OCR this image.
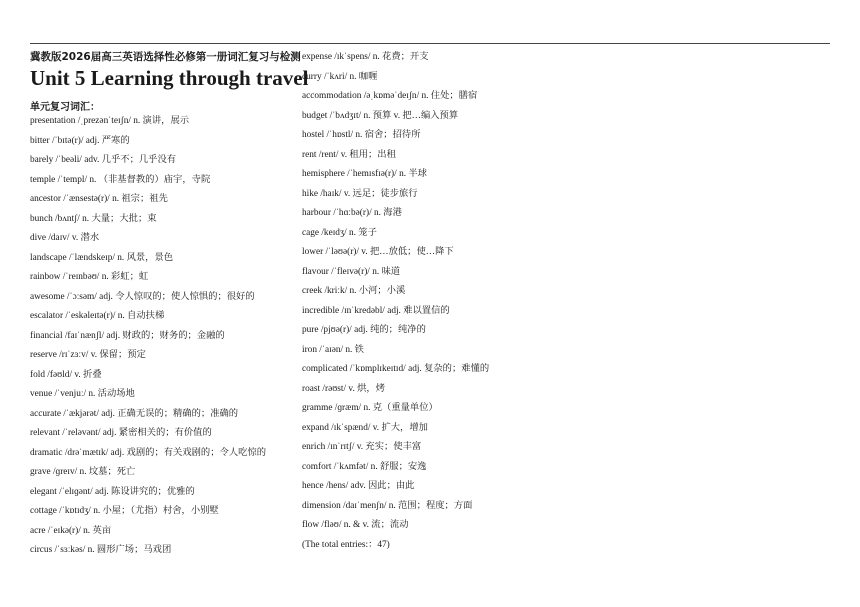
冀教版2026届高三英语选择性必修第一册词汇复习与检测
Unit 5 Learning through travel
单元复习词汇：
presentation /ˌprezənˈteɪʃn/ n. 演讲，展示
bitter /ˈbɪtə(r)/ adj. 严寒的
barely /ˈbeəli/ adv. 几乎不；几乎没有
temple /ˈtempl/ n. （非基督教的）庙宇，寺院
ancestor /ˈænsestə(r)/ n. 祖宗；祖先
bunch /bʌntʃ/ n. 大量；大批；束
dive /daɪv/ v. 潜水
landscape /ˈlændskeɪp/ n. 风景，景色
rainbow /ˈreɪnbəʊ/ n. 彩虹；虹
awesome /ˈɔːsəm/ adj. 令人惊叹的；使人惊惧的；很好的
escalator /ˈeskəleɪtə(r)/ n. 自动扶梯
financial /faɪˈnænʃl/ adj. 财政的；财务的；金融的
reserve /rɪˈzɜːv/ v. 保留；预定
fold /fəʊld/ v. 折叠
venue /ˈvenjuː/ n. 活动场地
accurate /ˈækjərət/ adj. 正确无误的；精确的；准确的
relevant /ˈreləvənt/ adj. 紧密相关的；有价值的
dramatic /drəˈmætɪk/ adj. 戏剧的；有关戏剧的；令人吃惊的
grave /ɡreɪv/ n. 坟墓；死亡
elegant /ˈelɪɡənt/ adj. 陈设讲究的；优雅的
cottage /ˈkɒtɪdʒ/ n. 小屋；（尤指）村舍，小别墅
acre /ˈeɪkə(r)/ n. 英亩
circus /ˈsɜːkəs/ n. 圆形广场；马戏团
expense /ɪkˈspens/ n. 花费；开支
curry /ˈkʌri/ n. 咖喱
accommodation /əˌkɒməˈdeɪʃn/ n. 住处；膳宿
budget /ˈbʌdʒɪt/ n. 预算 v. 把…编入预算
hostel /ˈhɒstl/ n. 宿舍；招待所
rent /rent/ v. 租用；出租
hemisphere /ˈhemɪsfɪə(r)/ n. 半球
hike /haɪk/ v. 远足；徒步旅行
harbour /ˈhɑːbə(r)/ n. 海港
cage /keɪdʒ/ n. 笼子
lower /ˈləʊə(r)/ v. 把…放低；使…降下
flavour /ˈfleɪvə(r)/ n. 味道
creek /kriːk/ n. 小河；小溪
incredible /ɪnˈkredəbl/ adj. 难以置信的
pure /pjʊə(r)/ adj. 纯的；纯净的
iron /ˈaɪən/ n. 铁
complicated /ˈkɒmplɪkeɪtɪd/ adj. 复杂的；难懂的
roast /rəʊst/ v. 烘，烤
gramme /ɡræm/ n. 克（重量单位）
expand /ɪkˈspænd/ v. 扩大，增加
enrich /ɪnˈrɪtʃ/ v. 充实；使丰富
comfort /ˈkʌmfət/ n. 舒服；安逸
hence /hens/ adv. 因此；由此
dimension /daɪˈmenʃn/ n. 范围；程度；方面
flow /fləʊ/ n. & v. 流；流动
(The total entries:：47)
